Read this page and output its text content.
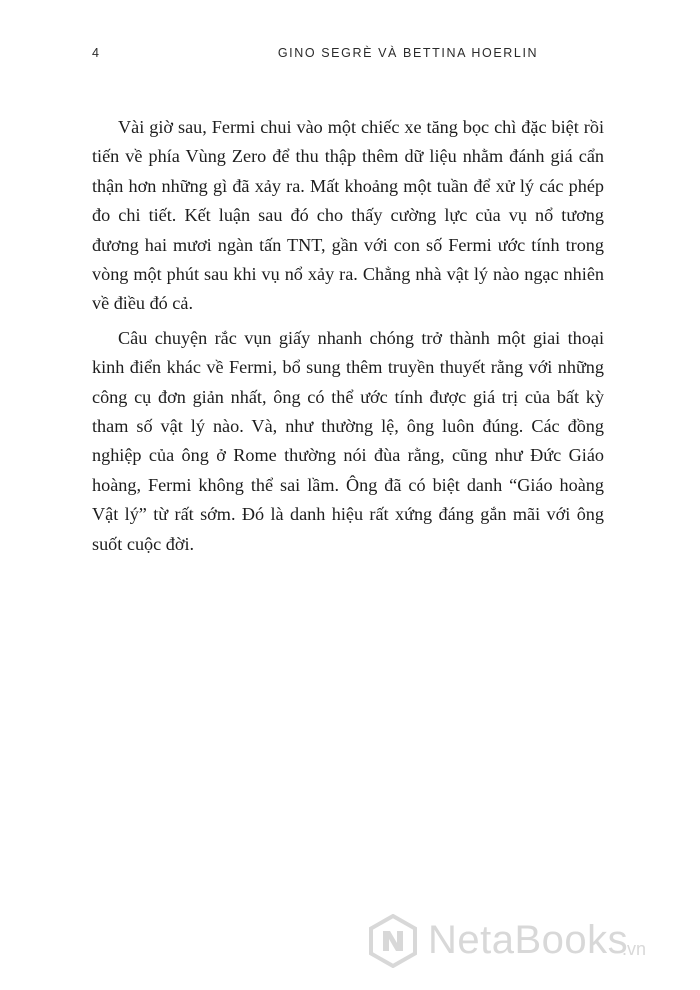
4	GINO SEGRÈ VÀ BETTINA HOERLIN

Vài giờ sau, Fermi chui vào một chiếc xe tăng bọc chì đặc biệt rồi tiến về phía Vùng Zero để thu thập thêm dữ liệu nhằm đánh giá cẩn thận hơn những gì đã xảy ra. Mất khoảng một tuần để xử lý các phép đo chi tiết. Kết luận sau đó cho thấy cường lực của vụ nổ tương đương hai mươi ngàn tấn TNT, gần với con số Fermi ước tính trong vòng một phút sau khi vụ nổ xảy ra. Chẳng nhà vật lý nào ngạc nhiên về điều đó cả.

Câu chuyện rắc vụn giấy nhanh chóng trở thành một giai thoại kinh điển khác về Fermi, bổ sung thêm truyền thuyết rằng với những công cụ đơn giản nhất, ông có thể ước tính được giá trị của bất kỳ tham số vật lý nào. Và, như thường lệ, ông luôn đúng. Các đồng nghiệp của ông ở Rome thường nói đùa rằng, cũng như Đức Giáo hoàng, Fermi không thể sai lầm. Ông đã có biệt danh “Giáo hoàng Vật lý” từ rất sớm. Đó là danh hiệu rất xứng đáng gắn mãi với ông suốt cuộc đời.

NetaBooks
.vn
